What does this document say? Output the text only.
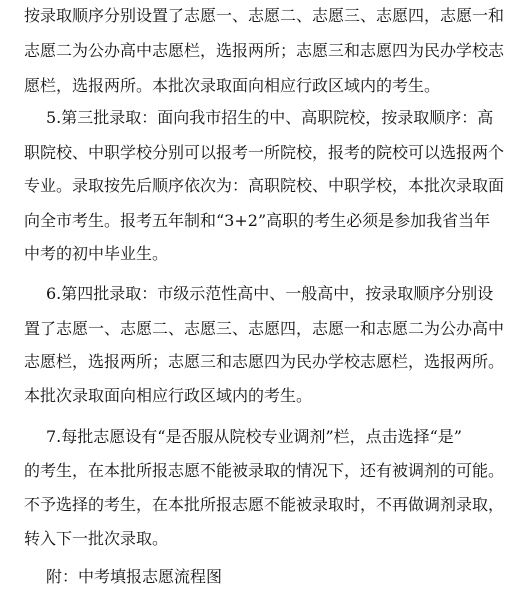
按录取顺序分别设置了志愿一、志愿二、志愿三、志愿四，志愿一和
志愿二为公办高中志愿栏，选报两所；志愿三和志愿四为民办学校志
愿栏，选报两所。本批次录取面向相应行政区域内的考生。
5.第三批录取：面向我市招生的中、高职院校，按录取顺序：高
职院校、中职学校分别可以报考一所院校，报考的院校可以选报两个
专业。录取按先后顺序依次为：高职院校、中职学校，本批次录取面
向全市考生。报考五年制和“3+2”高职的考生必须是参加我省当年
中考的初中毕业生。
6.第四批录取：市级示范性高中、一般高中，按录取顺序分别设
置了志愿一、志愿二、志愿三、志愿四，志愿一和志愿二为公办高中
志愿栏，选报两所；志愿三和志愿四为民办学校志愿栏，选报两所。
本批次录取面向相应行政区域内的考生。
7.每批志愿设有“是否服从院校专业调剂”栏，点击选择“是”
的考生，在本批所报志愿不能被录取的情况下，还有被调剂的可能。
不予选择的考生，在本批所报志愿不能被录取时，不再做调剂录取，
转入下一批次录取。
附：中考填报志愿流程图
